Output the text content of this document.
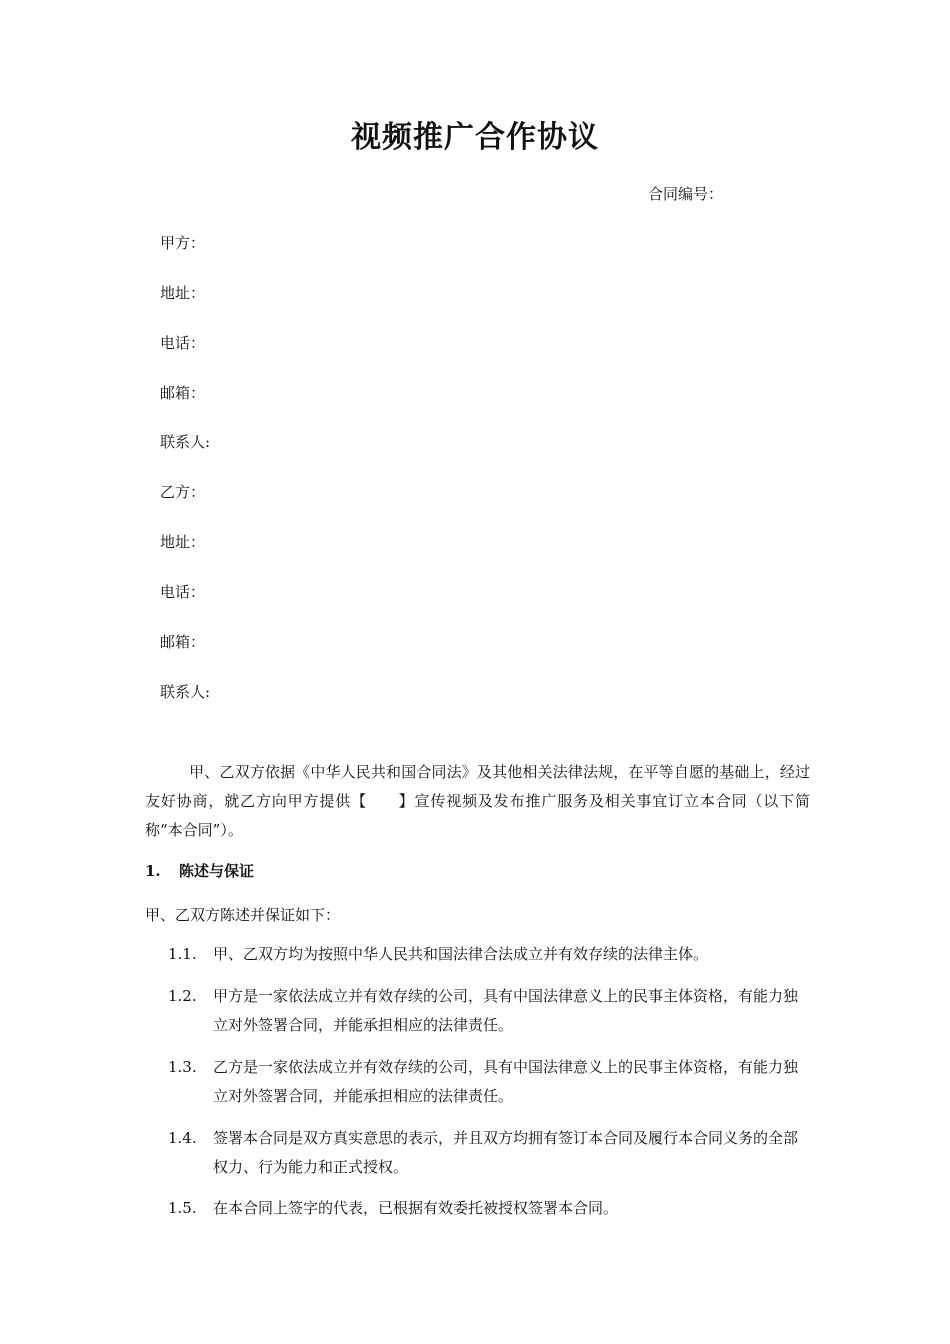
视频推广合作协议
合同编号：
甲方：
地址：
电话：
邮箱：
联系人:
乙方：
地址：
电话：
邮箱：
联系人:
甲、乙双方依据《中华人民共和国合同法》及其他相关法律法规，在平等自愿的基础上，经过友好协商，就乙方向甲方提供【　　】宣传视频及发布推广服务及相关事宜订立本合同（以下简称“本合同”）。
1. 陈述与保证
甲、乙双方陈述并保证如下：
1.1. 甲、乙双方均为按照中华人民共和国法律合法成立并有效存续的法律主体。
1.2. 甲方是一家依法成立并有效存续的公司，具有中国法律意义上的民事主体资格，有能力独立对外签署合同，并能承担相应的法律责任。
1.3. 乙方是一家依法成立并有效存续的公司，具有中国法律意义上的民事主体资格，有能力独立对外签署合同，并能承担相应的法律责任。
1.4. 签署本合同是双方真实意思的表示，并且双方均拥有签订本合同及履行本合同义务的全部权力、行为能力和正式授权。
1.5. 在本合同上签字的代表，已根据有效委托被授权签署本合同。
